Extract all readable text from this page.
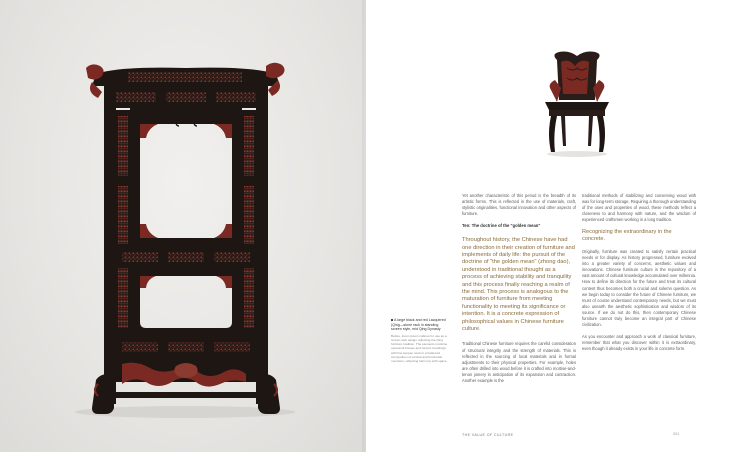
A large black and red Lacquered (Qing—stone rack in standing screen style, mid Qing Dynasty
Before, lorem ipsum cabinet for use as a screen rack design reflecting the Qing furniture tradition. The elements combine openwork frames and carved mouldings with fine lacquer work in a balanced composition of vertical and horizontal members, reflecting harmony with space.

Yet another characteristic of this period is the breadth of its artistic forms. This is reflected in the use of materials, craft, stylistic originalities, functional innovation and other aspects of furniture.

Ten: The doctrine of the "golden mean"

Throughout history, the Chinese have had one direction in their creation of furniture and implements of daily life: the pursuit of the doctrine of "the golden mean" (zhong dao), understood in traditional thought as a process of achieving stability and tranquility and this process finally reaching a realm of the mind. This process is analogous to the maturation of furniture from meeting functionality to meeting its significance or intention. It is a concrete expression of philosophical values in Chinese furniture culture.

Traditional Chinese furniture requires the careful consideration of structural integrity and the strength of materials. This is reflected in the sourcing of local materials and in formal adjustments to their physical properties. For example, holes are often drilled into wood before it is crafted into mortise-and-tenon joinery in anticipation of its expansion and contraction. Another example is the

traditional methods of stabilizing and conserving wood with wax for long-term storage. Requiring a thorough understanding of the uses and properties of wood, these methods reflect a closeness to and harmony with nature, and the wisdom of experienced craftsmen working in a long tradition.

Recognizing the extraordinary in the concrete.

Originally, furniture was created to satisfy certain practical needs or for display. As history progressed, furniture evolved into a greater variety of concerns, aesthetic values and innovations. Chinese furniture culture is the repository of a vast amount of cultural knowledge accumulated over millennia. How to define its direction for the future and treat its cultural content thus becomes both a crucial and solemn question. As we begin today to consider the future of Chinese furniture, we must of course understand contemporary needs, but we must also unearth the aesthetic sophistication and wisdom of its source. If we do not do this, then contemporary Chinese furniture cannot truly become an integral part of Chinese civilization.

As you encounter and approach a work of classical furniture, remember that what you discover within it is extraordinary, even though it already exists in your life in concrete form.

THE VALUE OF CULTURE	001
